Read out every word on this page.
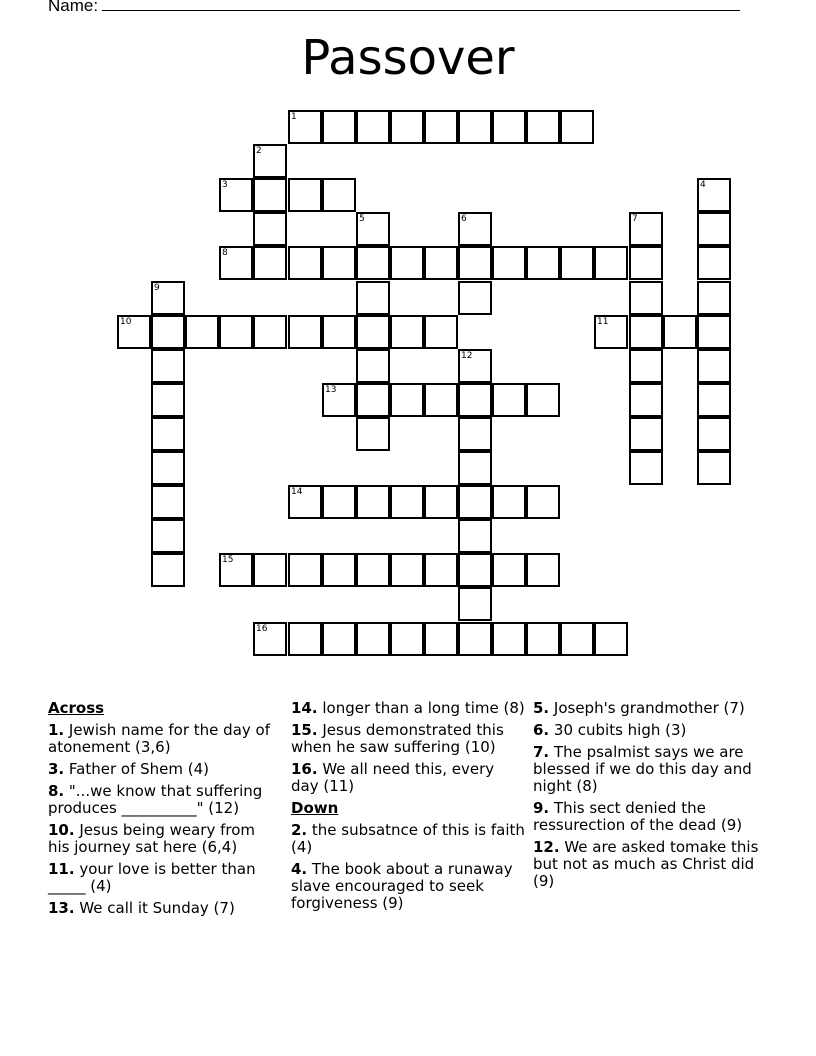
Name:
Passover
1
2
3	4
5	6	7
8
9
10	11
12
13
14
15
16
Across
1. Jewish name for the day of atonement (3,6)
3. Father of Shem (4)
8. "...we know that suffering produces __________" (12)
10. Jesus being weary from his journey sat here (6,4)
11. your love is better than _____ (4)
13. We call it Sunday (7)
14. longer than a long time (8)
15. Jesus demonstrated this when he saw suffering (10)
16. We all need this, every day (11)
Down
2. the subsatnce of this is faith (4)
4. The book about a runaway slave encouraged to seek forgiveness (9)
5. Joseph's grandmother (7)
6. 30 cubits high (3)
7. The psalmist says we are blessed if we do this day and night (8)
9. This sect denied the ressurection of the dead (9)
12. We are asked tomake this but not as much as Christ did (9)
